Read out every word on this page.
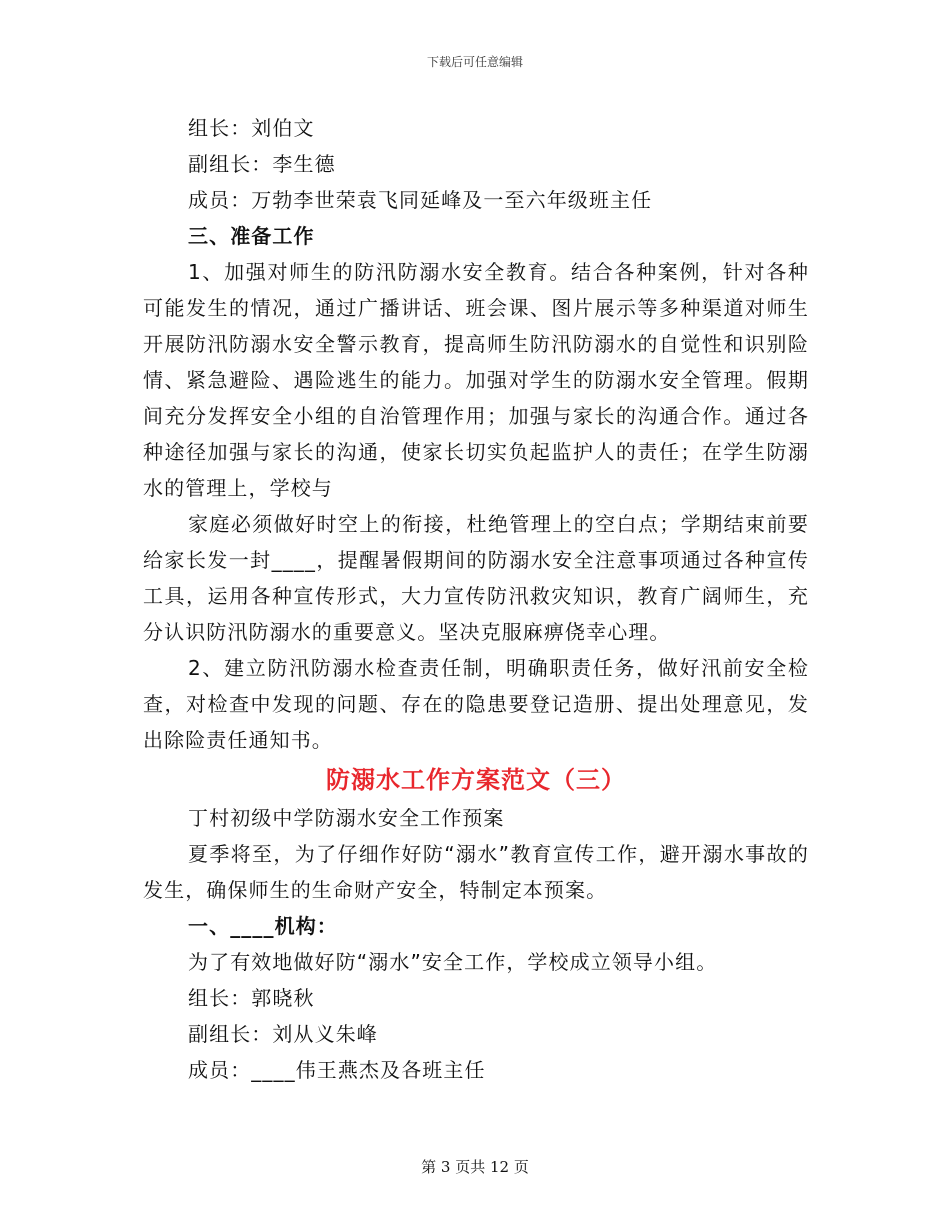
下载后可任意编辑
组长：刘伯文
副组长：李生德
成员：万勃李世荣袁飞同延峰及一至六年级班主任
三、准备工作

1、加强对师生的防汛防溺水安全教育。结合各种案例，针对各种可能发生的情况，通过广播讲话、班会课、图片展示等多种渠道对师生开展防汛防溺水安全警示教育，提高师生防汛防溺水的自觉性和识别险情、紧急避险、遇险逃生的能力。加强对学生的防溺水安全管理。假期间充分发挥安全小组的自治管理作用；加强与家长的沟通合作。通过各种途径加强与家长的沟通，使家长切实负起监护人的责任；在学生防溺水的管理上，学校与

家庭必须做好时空上的衔接，杜绝管理上的空白点；学期结束前要给家长发一封____，提醒暑假期间的防溺水安全注意事项通过各种宣传工具，运用各种宣传形式，大力宣传防汛救灾知识，教育广阔师生，充分认识防汛防溺水的重要意义。坚决克服麻痹侥幸心理。

2、建立防汛防溺水检查责任制，明确职责任务，做好汛前安全检查，对检查中发现的问题、存在的隐患要登记造册、提出处理意见，发出除险责任通知书。

防溺水工作方案范文（三）
丁村初级中学防溺水安全工作预案

夏季将至，为了仔细作好防“溺水”教育宣传工作，避开溺水事故的发生，确保师生的生命财产安全，特制定本预案。

一、____机构：
为了有效地做好防“溺水”安全工作，学校成立领导小组。
组长：郭晓秋
副组长：刘从义朱峰
成员：____伟王燕杰及各班主任
第 3 页共 12 页
